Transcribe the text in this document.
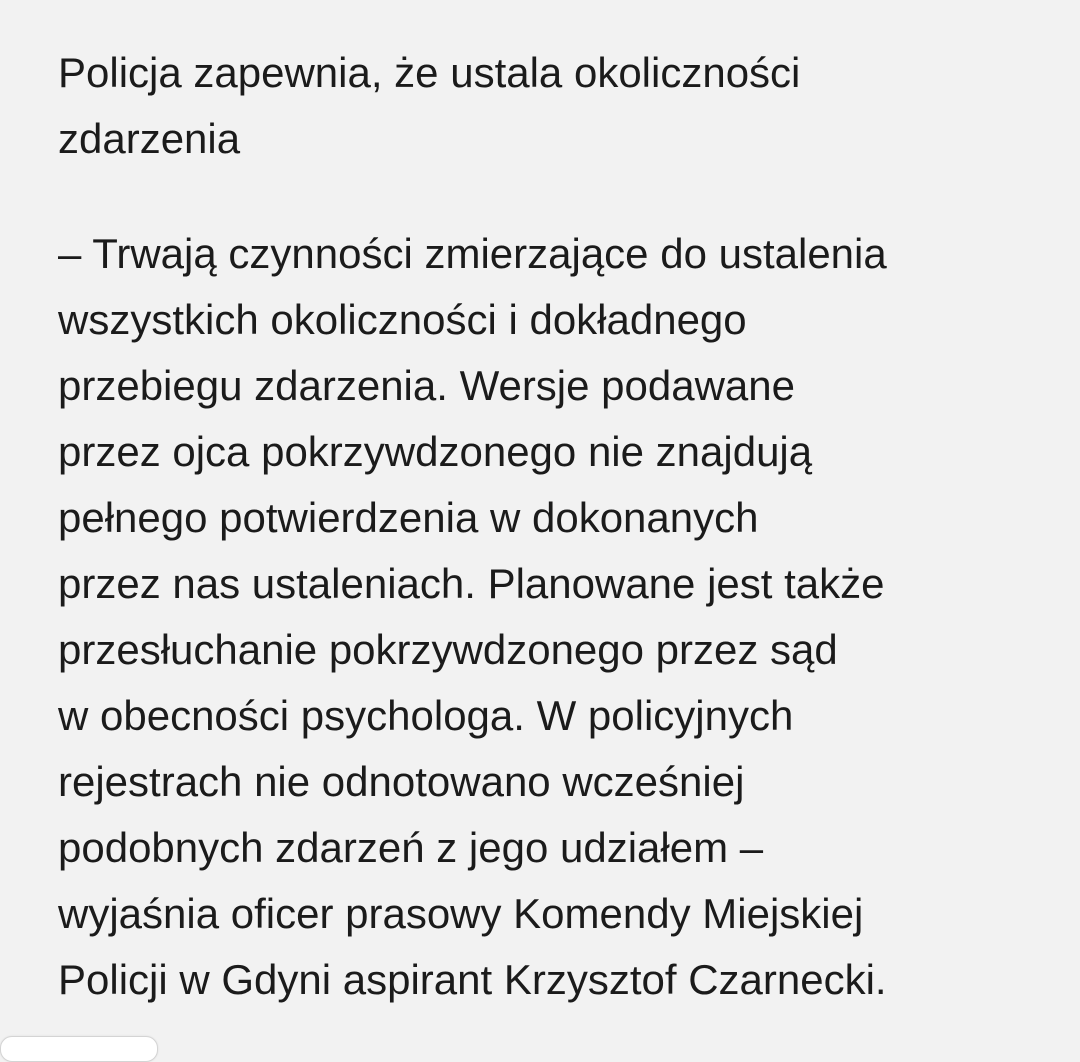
Policja zapewnia, że ustala okoliczności
zdarzenia

– Trwają czynności zmierzające do ustalenia
wszystkich okoliczności i dokładnego
przebiegu zdarzenia. Wersje podawane
przez ojca pokrzywdzonego nie znajdują
pełnego potwierdzenia w dokonanych
przez nas ustaleniach. Planowane jest także
przesłuchanie pokrzywdzonego przez sąd
w obecności psychologa. W policyjnych
rejestrach nie odnotowano wcześniej
podobnych zdarzeń z jego udziałem –
wyjaśnia oficer prasowy Komendy Miejskiej
Policji w Gdyni aspirant Krzysztof Czarnecki.
